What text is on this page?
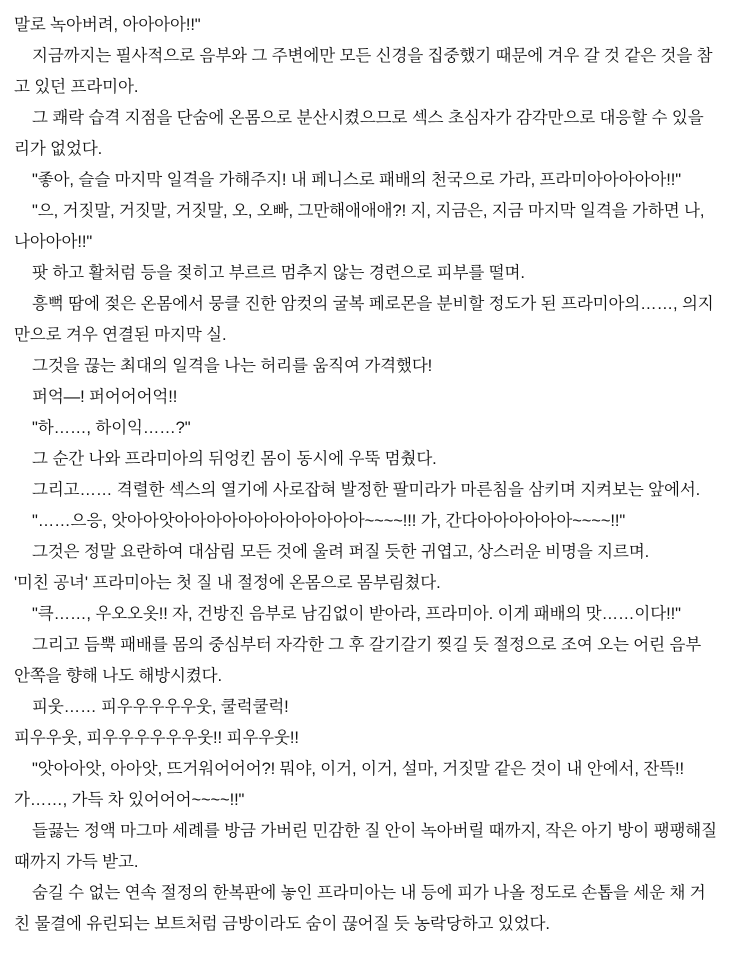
말로 녹아버려, 아아아아!!"

지금까지는 필사적으로 음부와 그 주변에만 모든 신경을 집중했기 때문에 겨우 갈 것 같은 것을 참고 있던 프라미아.

그 쾌락 습격 지점을 단숨에 온몸으로 분산시켰으므로 섹스 초심자가 감각만으로 대응할 수 있을 리가 없었다.

"좋아, 슬슬 마지막 일격을 가해주지! 내 페니스로 패배의 천국으로 가라, 프라미아아아아아!!"

"으, 거짓말, 거짓말, 거짓말, 오, 오빠, 그만해애애애?! 지, 지금은, 지금 마지막 일격을 가하면 나, 나아아아!!"

팟 하고 활처럼 등을 젖히고 부르르 멈추지 않는 경련으로 피부를 떨며.

흥뻑 땀에 젖은 온몸에서 뭉클 진한 암컷의 굴복 페로몬을 분비할 정도가 된 프라미아의……, 의지만으로 겨우 연결된 마지막 실.

그것을 끊는 최대의 일격을 나는 허리를 움직여 가격했다!

퍼억—! 퍼어어어억!!

"하……, 하이익……?"

그 순간 나와 프라미아의 뒤엉킨 몸이 동시에 우뚝 멈췄다.

그리고…… 격렬한 섹스의 열기에 사로잡혀 발정한 팔미라가 마른침을 삼키며 지켜보는 앞에서.

"……으응, 앗아아앗아아아아아아아아아아아아~~~~!!! 가, 간다아아아아아아~~~~!!"

그것은 정말 요란하여 대삼림 모든 것에 울려 퍼질 듯한 귀엽고, 상스러운 비명을 지르며.

'미친 공녀' 프라미아는 첫 질 내 절정에 온몸으로 몸부림쳤다.

"큭……, 우오오옷!! 자, 건방진 음부로 남김없이 받아라, 프라미아. 이게 패배의 맛……이다!!"

그리고 듬뿍 패배를 몸의 중심부터 자각한 그 후 갈기갈기 찢길 듯 절정으로 조여 오는 어린 음부 안쪽을 향해 나도 해방시켰다.

피웃…… 피우우우우우웃, 쿨럭쿨럭!

피우우웃, 피우우우우우우웃!! 피우우웃!!

"앗아아앗, 아아앗, 뜨거워어어어?! 뭐야, 이거, 이거, 설마, 거짓말 같은 것이 내 안에서, 잔뜩!! 가……, 가득 차 있어어어~~~~!!"

들끓는 정액 마그마 세례를 방금 가버린 민감한 질 안이 녹아버릴 때까지, 작은 아기 방이 팽팽해질 때까지 가득 받고.

숨길 수 없는 연속 절정의 한복판에 놓인 프라미아는 내 등에 피가 나올 정도로 손톱을 세운 채 거친 물결에 유린되는 보트처럼 금방이라도 숨이 끊어질 듯 농락당하고 있었다.
